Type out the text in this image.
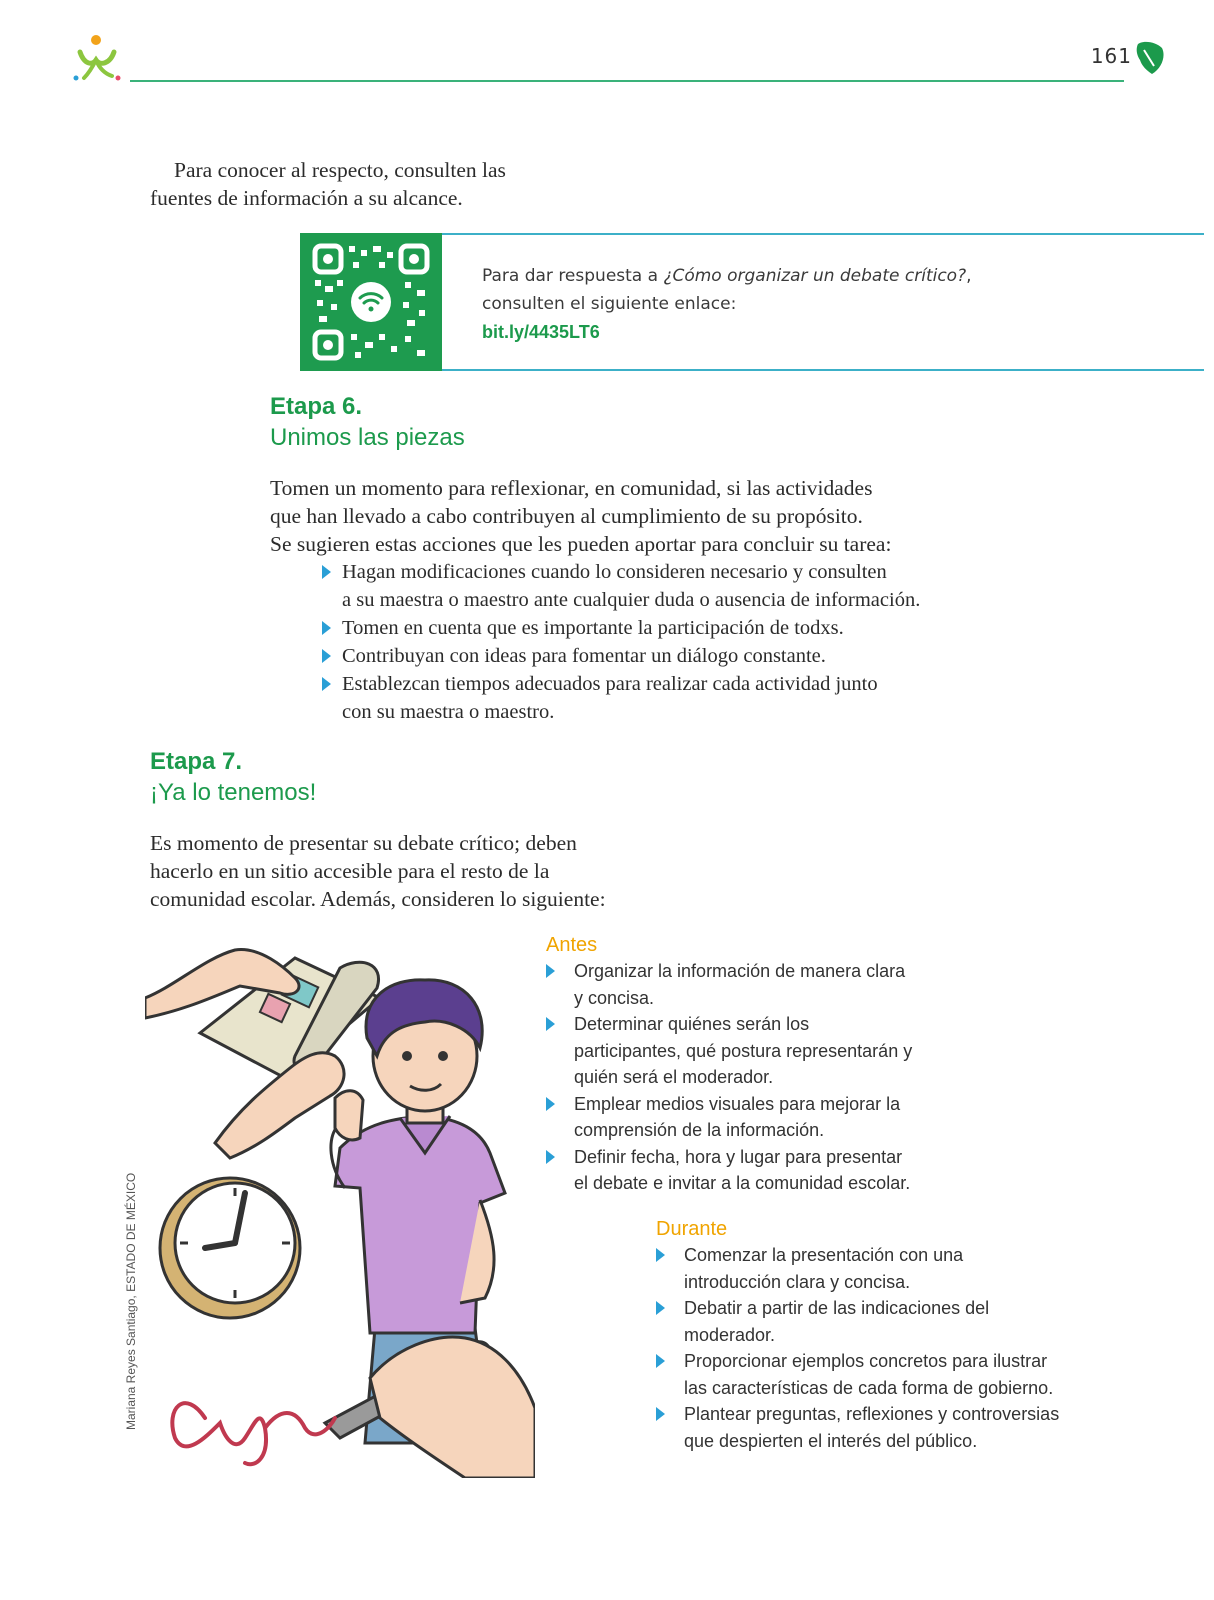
161

Para conocer al respecto, consulten las

fuentes de información a su alcance.

Para dar respuesta a ¿Cómo organizar un debate crítico?,
consulten el siguiente enlace:
bit.ly/4435LT6
Etapa 6.
Unimos las piezas

Tomen un momento para reflexionar, en comunidad, si las actividades

que han llevado a cabo contribuyen al cumplimiento de su propósito.

Se sugieren estas acciones que les pueden aportar para concluir su tarea:

Hagan modificaciones cuando lo consideren necesario y consulten
a su maestra o maestro ante cualquier duda o ausencia de información.
Tomen en cuenta que es importante la participación de todxs.
Contribuyan con ideas para fomentar un diálogo constante.
Establezcan tiempos adecuados para realizar cada actividad junto
con su maestra o maestro.
Etapa 7.
¡Ya lo tenemos!

Es momento de presentar su debate crítico; deben

hacerlo en un sitio accesible para el resto de la

comunidad escolar. Además, consideren lo siguiente:

Mariana Reyes Santiago, ESTADO DE MÉXICO
Antes
Organizar la información de manera clara
y concisa.
Determinar quiénes serán los
participantes, qué postura representarán y
quién será el moderador.
Emplear medios visuales para mejorar la
comprensión de la información.
Definir fecha, hora y lugar para presentar
el debate e invitar a la comunidad escolar.
Durante
Comenzar la presentación con una
introducción clara y concisa.
Debatir a partir de las indicaciones del
moderador.
Proporcionar ejemplos concretos para ilustrar
las características de cada forma de gobierno.
Plantear preguntas, reflexiones y controversias
que despierten el interés del público.
